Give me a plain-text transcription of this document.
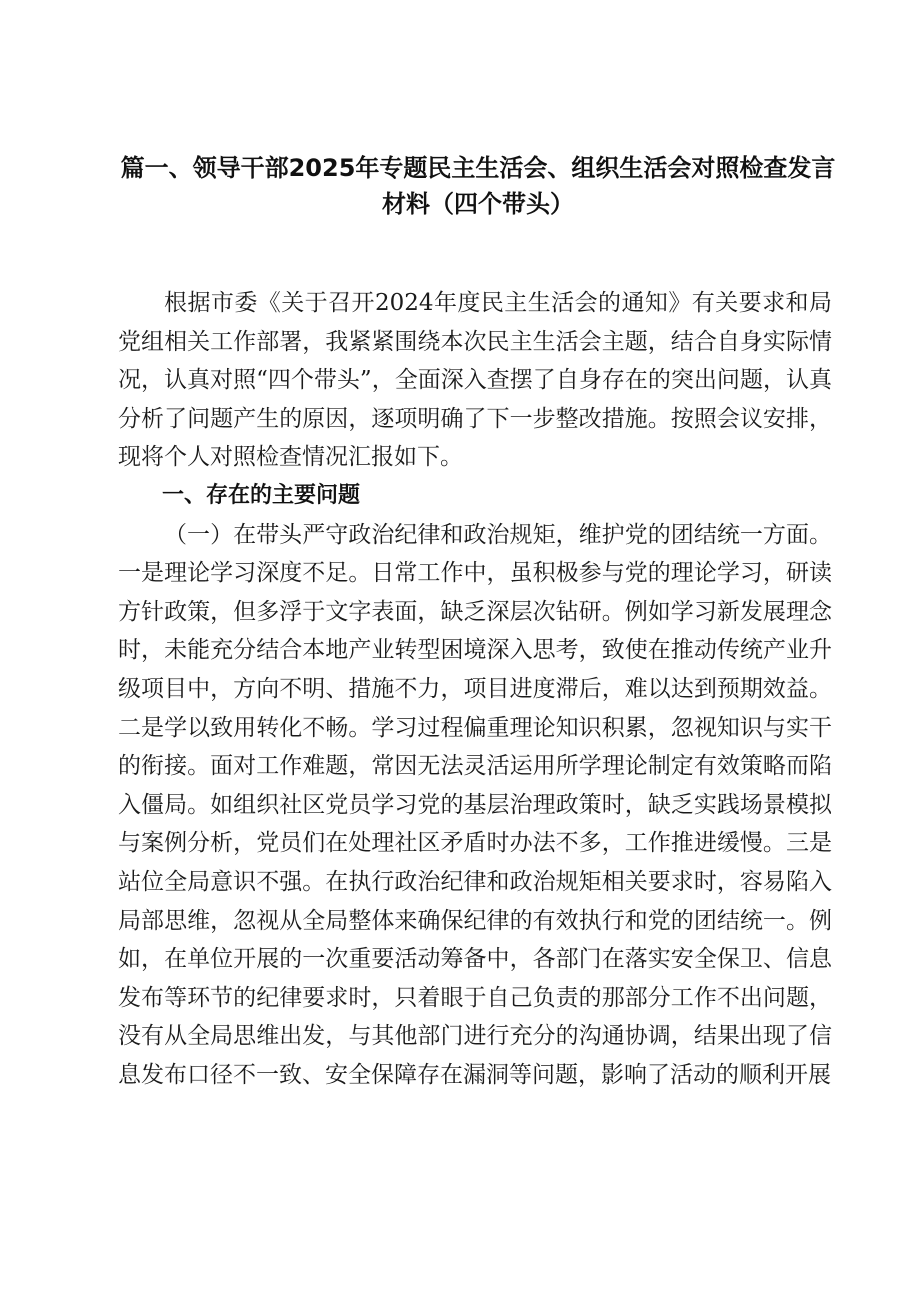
篇一、领导干部2025年专题民主生活会、组织生活会对照检查发言
材料（四个带头）

根据市委《关于召开2024年度民主生活会的通知》有关要求和局党组相关工作部署，我紧紧围绕本次民主生活会主题，结合自身实际情况，认真对照“四个带头”，全面深入查摆了自身存在的突出问题，认真分析了问题产生的原因，逐项明确了下一步整改措施。按照会议安排，现将个人对照检查情况汇报如下。

一、存在的主要问题

（一）在带头严守政治纪律和政治规矩，维护党的团结统一方面。一是理论学习深度不足。日常工作中，虽积极参与党的理论学习，研读方针政策，但多浮于文字表面，缺乏深层次钻研。例如学习新发展理念时，未能充分结合本地产业转型困境深入思考，致使在推动传统产业升级项目中，方向不明、措施不力，项目进度滞后，难以达到预期效益。二是学以致用转化不畅。学习过程偏重理论知识积累，忽视知识与实干的衔接。面对工作难题，常因无法灵活运用所学理论制定有效策略而陷入僵局。如组织社区党员学习党的基层治理政策时，缺乏实践场景模拟与案例分析，党员们在处理社区矛盾时办法不多，工作推进缓慢。三是站位全局意识不强。在执行政治纪律和政治规矩相关要求时，容易陷入局部思维，忽视从全局整体来确保纪律的有效执行和党的团结统一。例如，在单位开展的一次重要活动筹备中，各部门在落实安全保卫、信息发布等环节的纪律要求时，只着眼于自己负责的那部分工作不出问题，没有从全局思维出发，与其他部门进行充分的沟通协调，结果出现了信息发布口径不一致、安全保障存在漏洞等问题，影响了活动的顺利开展
